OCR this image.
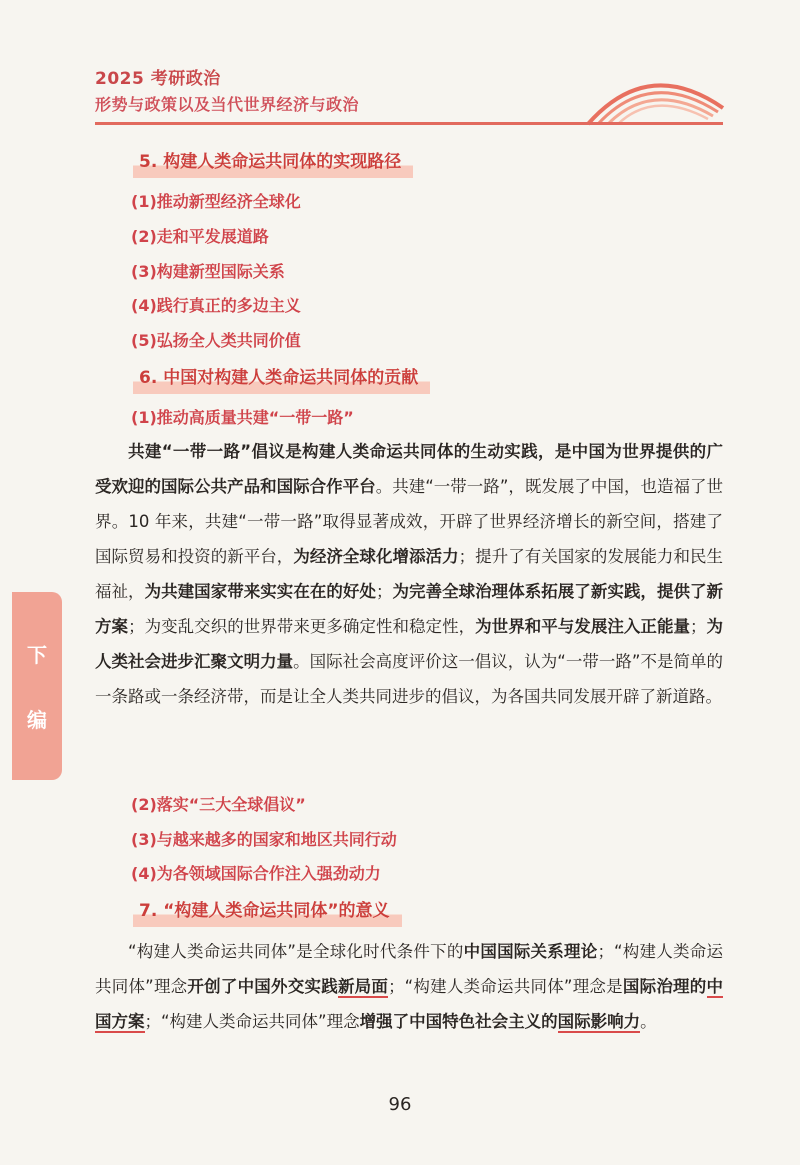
2025 考研政治
形势与政策以及当代世界经济与政治
下
编
5. 构建人类命运共同体的实现路径
(1)推动新型经济全球化
(2)走和平发展道路
(3)构建新型国际关系
(4)践行真正的多边主义
(5)弘扬全人类共同价值
6. 中国对构建人类命运共同体的贡献
(1)推动高质量共建“一带一路”
共建“一带一路”倡议是构建人类命运共同体的生动实践，是中国为世界提供的广受欢迎的国际公共产品和国际合作平台。共建“一带一路”，既发展了中国，也造福了世界。10 年来，共建“一带一路”取得显著成效，开辟了世界经济增长的新空间，搭建了国际贸易和投资的新平台，为经济全球化增添活力；提升了有关国家的发展能力和民生福祉，为共建国家带来实实在在的好处；为完善全球治理体系拓展了新实践，提供了新方案；为变乱交织的世界带来更多确定性和稳定性，为世界和平与发展注入正能量；为人类社会进步汇聚文明力量。国际社会高度评价这一倡议，认为“一带一路”不是简单的一条路或一条经济带，而是让全人类共同进步的倡议，为各国共同发展开辟了新道路。
(2)落实“三大全球倡议”
(3)与越来越多的国家和地区共同行动
(4)为各领域国际合作注入强劲动力
7. “构建人类命运共同体”的意义
“构建人类命运共同体”是全球化时代条件下的中国国际关系理论；“构建人类命运共同体”理念开创了中国外交实践新局面；“构建人类命运共同体”理念是国际治理的中国方案；“构建人类命运共同体”理念增强了中国特色社会主义的国际影响力。
96
